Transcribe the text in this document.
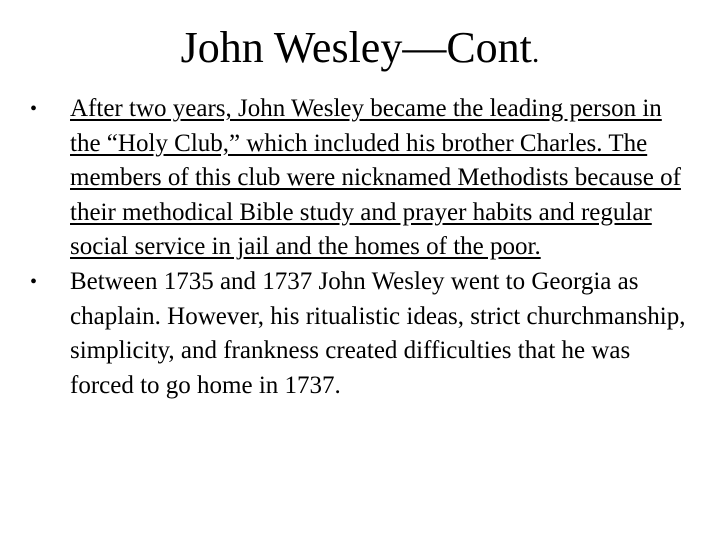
John Wesley—Cont.
•	After two years, John Wesley became the leading person in the “Holy Club,” which included his brother Charles. The members of this club were nicknamed Methodists because of their methodical Bible study and prayer habits and regular social service in jail and the homes of the poor.
•	Between 1735 and 1737 John Wesley went to Georgia as chaplain. However, his ritualistic ideas, strict churchmanship, simplicity, and frankness created difficulties that he was forced to go home in 1737.
